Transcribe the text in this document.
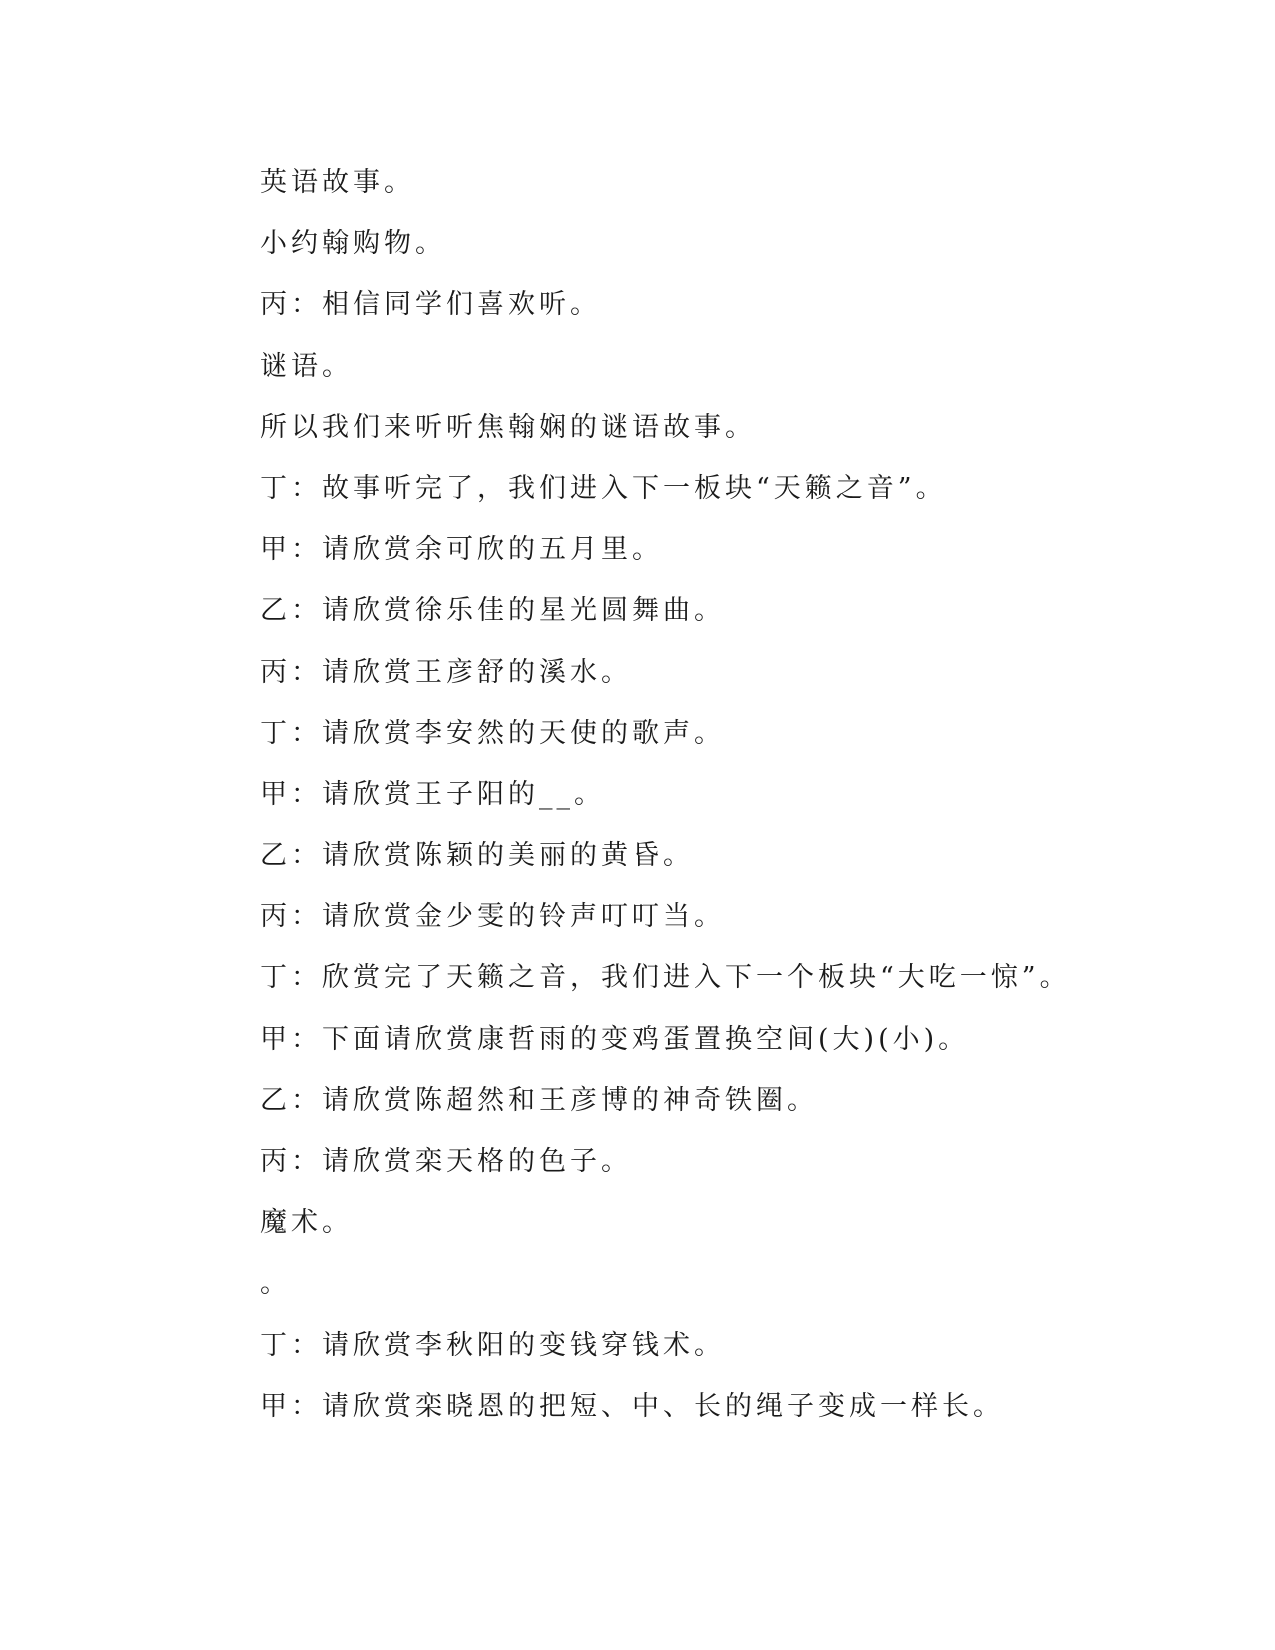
英语故事。
小约翰购物。
丙：相信同学们喜欢听。
谜语。
所以我们来听听焦翰娴的谜语故事。
丁：故事听完了，我们进入下一板块“天籁之音”。
甲：请欣赏余可欣的五月里。
乙：请欣赏徐乐佳的星光圆舞曲。
丙：请欣赏王彦舒的溪水。
丁：请欣赏李安然的天使的歌声。
甲：请欣赏王子阳的__。
乙：请欣赏陈颖的美丽的黄昏。
丙：请欣赏金少雯的铃声叮叮当。
丁：欣赏完了天籁之音，我们进入下一个板块“大吃一惊”。
甲：下面请欣赏康哲雨的变鸡蛋置换空间(大)(小)。
乙：请欣赏陈超然和王彦博的神奇铁圈。
丙：请欣赏栾天格的色子。
魔术。
。
丁：请欣赏李秋阳的变钱穿钱术。
甲：请欣赏栾晓恩的把短、中、长的绳子变成一样长。
